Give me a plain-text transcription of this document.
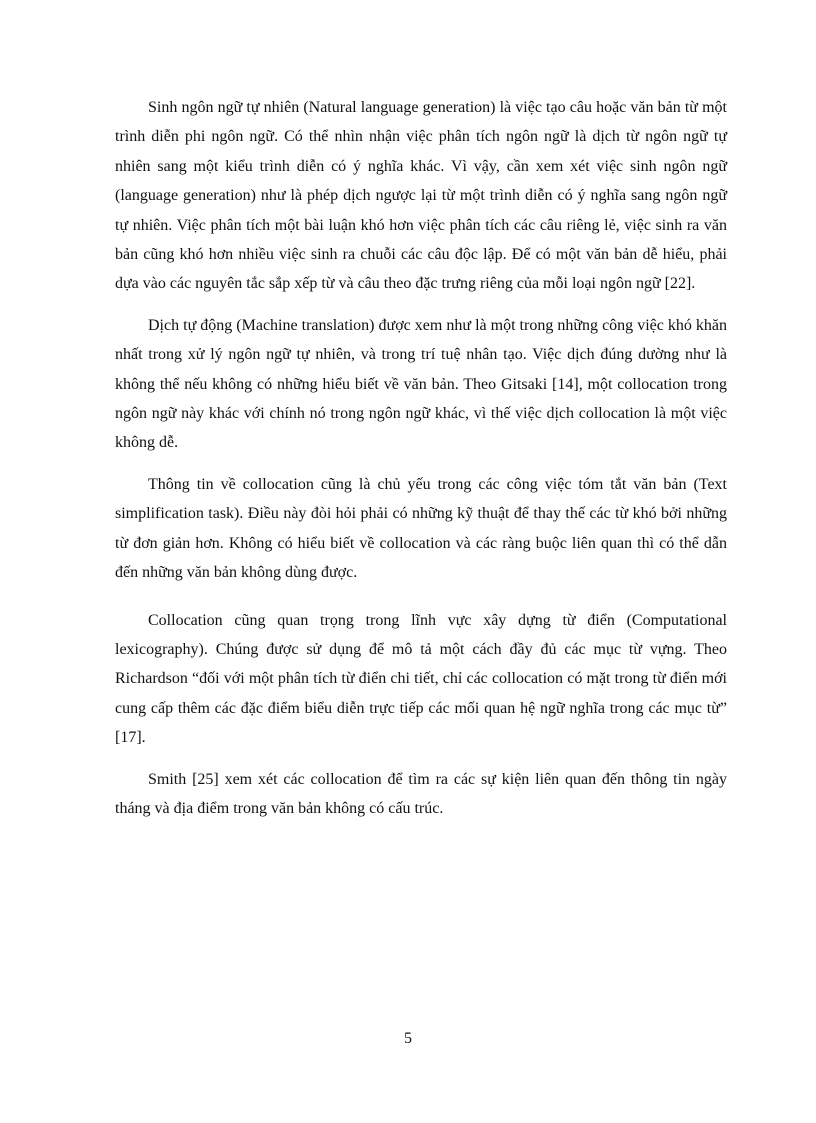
Sinh ngôn ngữ tự nhiên (Natural language generation) là việc tạo câu hoặc văn bản từ một trình diễn phi ngôn ngữ. Có thể nhìn nhận việc phân tích ngôn ngữ là dịch từ ngôn ngữ tự nhiên sang một kiểu trình diễn có ý nghĩa khác. Vì vậy, cần xem xét việc sinh ngôn ngữ (language generation) như là phép dịch ngược lại từ một trình diễn có ý nghĩa sang ngôn ngữ tự nhiên. Việc phân tích một bài luận khó hơn việc phân tích các câu riêng lẻ, việc sinh ra văn bản cũng khó hơn nhiều việc sinh ra chuỗi các câu độc lập. Để có một văn bản dễ hiểu, phải dựa vào các nguyên tắc sắp xếp từ và câu theo đặc trưng riêng của mỗi loại ngôn ngữ [22].

Dịch tự động (Machine translation) được xem như là một trong những công việc khó khăn nhất trong xử lý ngôn ngữ tự nhiên, và trong trí tuệ nhân tạo. Việc dịch đúng dường như là không thể nếu không có những hiểu biết về văn bản. Theo Gitsaki [14], một collocation trong ngôn ngữ này khác với chính nó trong ngôn ngữ khác, vì thế việc dịch collocation là một việc không dễ.

Thông tin về collocation cũng là chủ yếu trong các công việc tóm tắt văn bản (Text simplification task). Điều này đòi hỏi phải có những kỹ thuật để thay thế các từ khó bởi những từ đơn giản hơn. Không có hiểu biết về collocation và các ràng buộc liên quan thì có thể dẫn đến những văn bản không dùng được.

Collocation cũng quan trọng trong lĩnh vực xây dựng từ điển (Computational lexicography). Chúng được sử dụng để mô tả một cách đầy đủ các mục từ vựng. Theo Richardson “đối với một phân tích từ điển chi tiết, chỉ các collocation có mặt trong từ điển mới cung cấp thêm các đặc điểm biểu diễn trực tiếp các mối quan hệ ngữ nghĩa trong các mục từ” [17].

Smith [25] xem xét các collocation để tìm ra các sự kiện liên quan đến thông tin ngày tháng và địa điểm trong văn bản không có cấu trúc.

5
